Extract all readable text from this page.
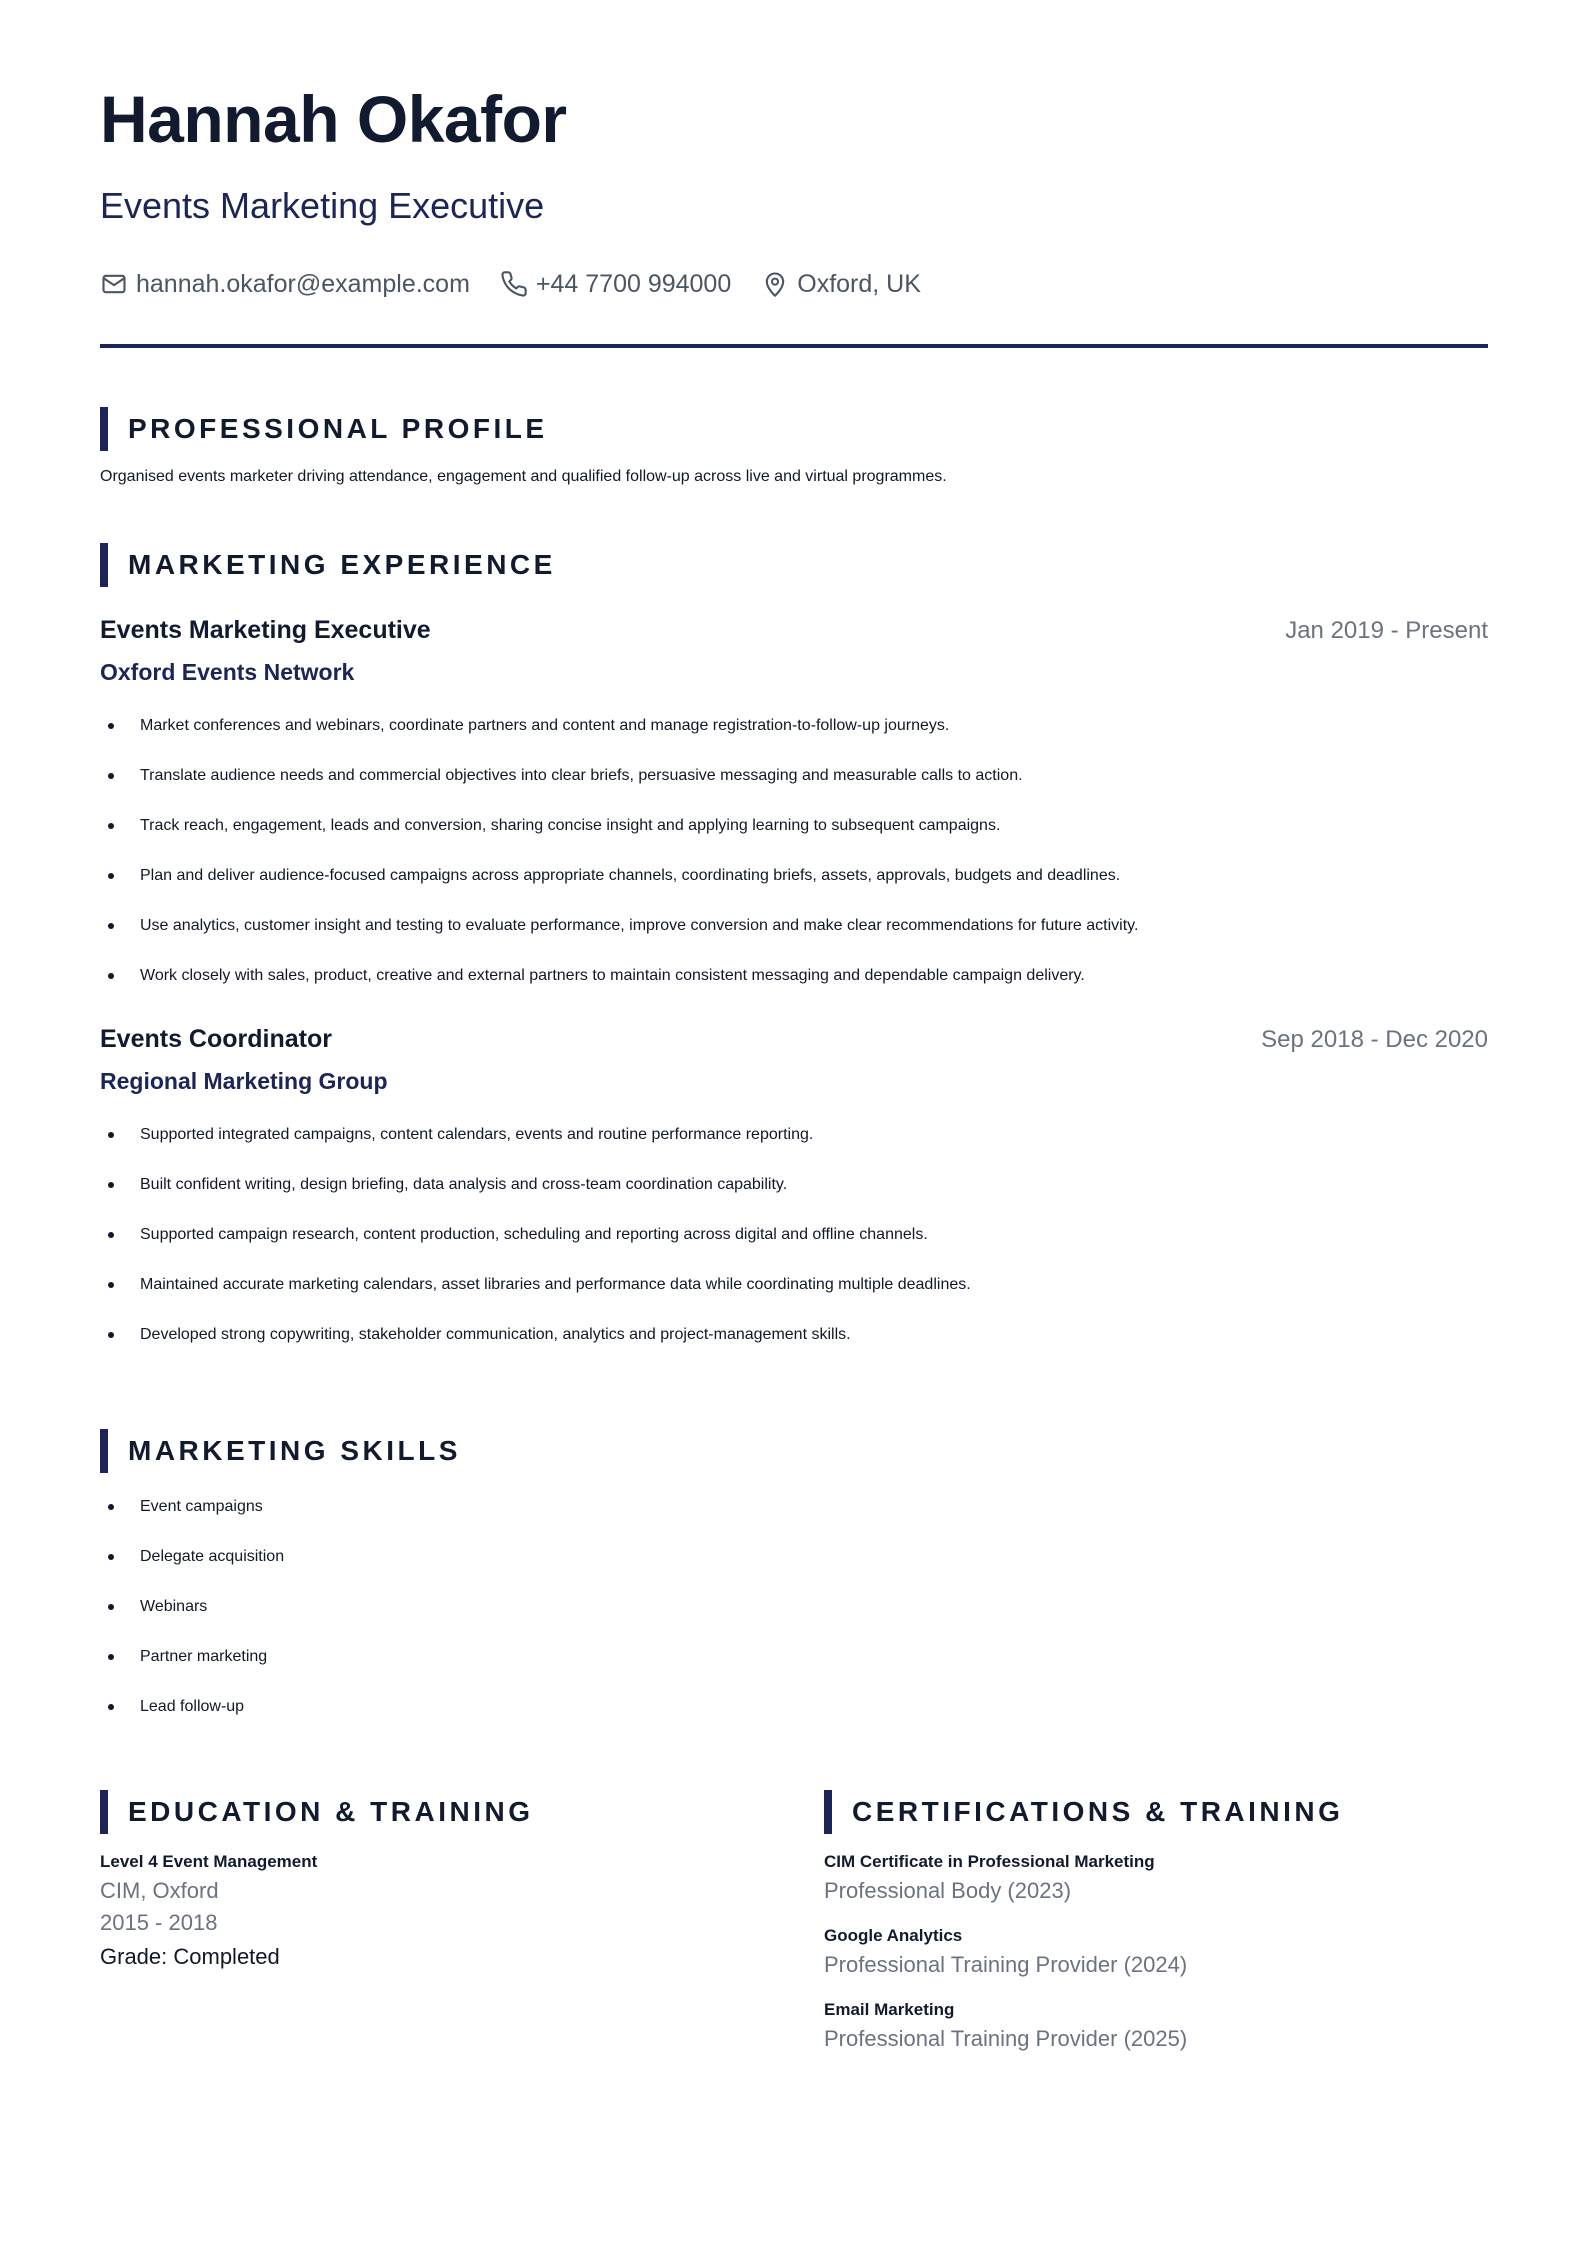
Hannah Okafor
Events Marketing Executive
hannah.okafor@example.com	+44 7700 994000	Oxford, UK
PROFESSIONAL PROFILE
Organised events marketer driving attendance, engagement and qualified follow-up across live and virtual programmes.
MARKETING EXPERIENCE
Events Marketing Executive	Jan 2019 - Present
Oxford Events Network
Market conferences and webinars, coordinate partners and content and manage registration-to-follow-up journeys.
Translate audience needs and commercial objectives into clear briefs, persuasive messaging and measurable calls to action.
Track reach, engagement, leads and conversion, sharing concise insight and applying learning to subsequent campaigns.
Plan and deliver audience-focused campaigns across appropriate channels, coordinating briefs, assets, approvals, budgets and deadlines.
Use analytics, customer insight and testing to evaluate performance, improve conversion and make clear recommendations for future activity.
Work closely with sales, product, creative and external partners to maintain consistent messaging and dependable campaign delivery.
Events Coordinator	Sep 2018 - Dec 2020
Regional Marketing Group
Supported integrated campaigns, content calendars, events and routine performance reporting.
Built confident writing, design briefing, data analysis and cross-team coordination capability.
Supported campaign research, content production, scheduling and reporting across digital and offline channels.
Maintained accurate marketing calendars, asset libraries and performance data while coordinating multiple deadlines.
Developed strong copywriting, stakeholder communication, analytics and project-management skills.
MARKETING SKILLS
Event campaigns
Delegate acquisition
Webinars
Partner marketing
Lead follow-up
EDUCATION & TRAINING
Level 4 Event Management
CIM, Oxford
2015 - 2018
Grade: Completed
CERTIFICATIONS & TRAINING
CIM Certificate in Professional Marketing
Professional Body (2023)
Google Analytics
Professional Training Provider (2024)
Email Marketing
Professional Training Provider (2025)
